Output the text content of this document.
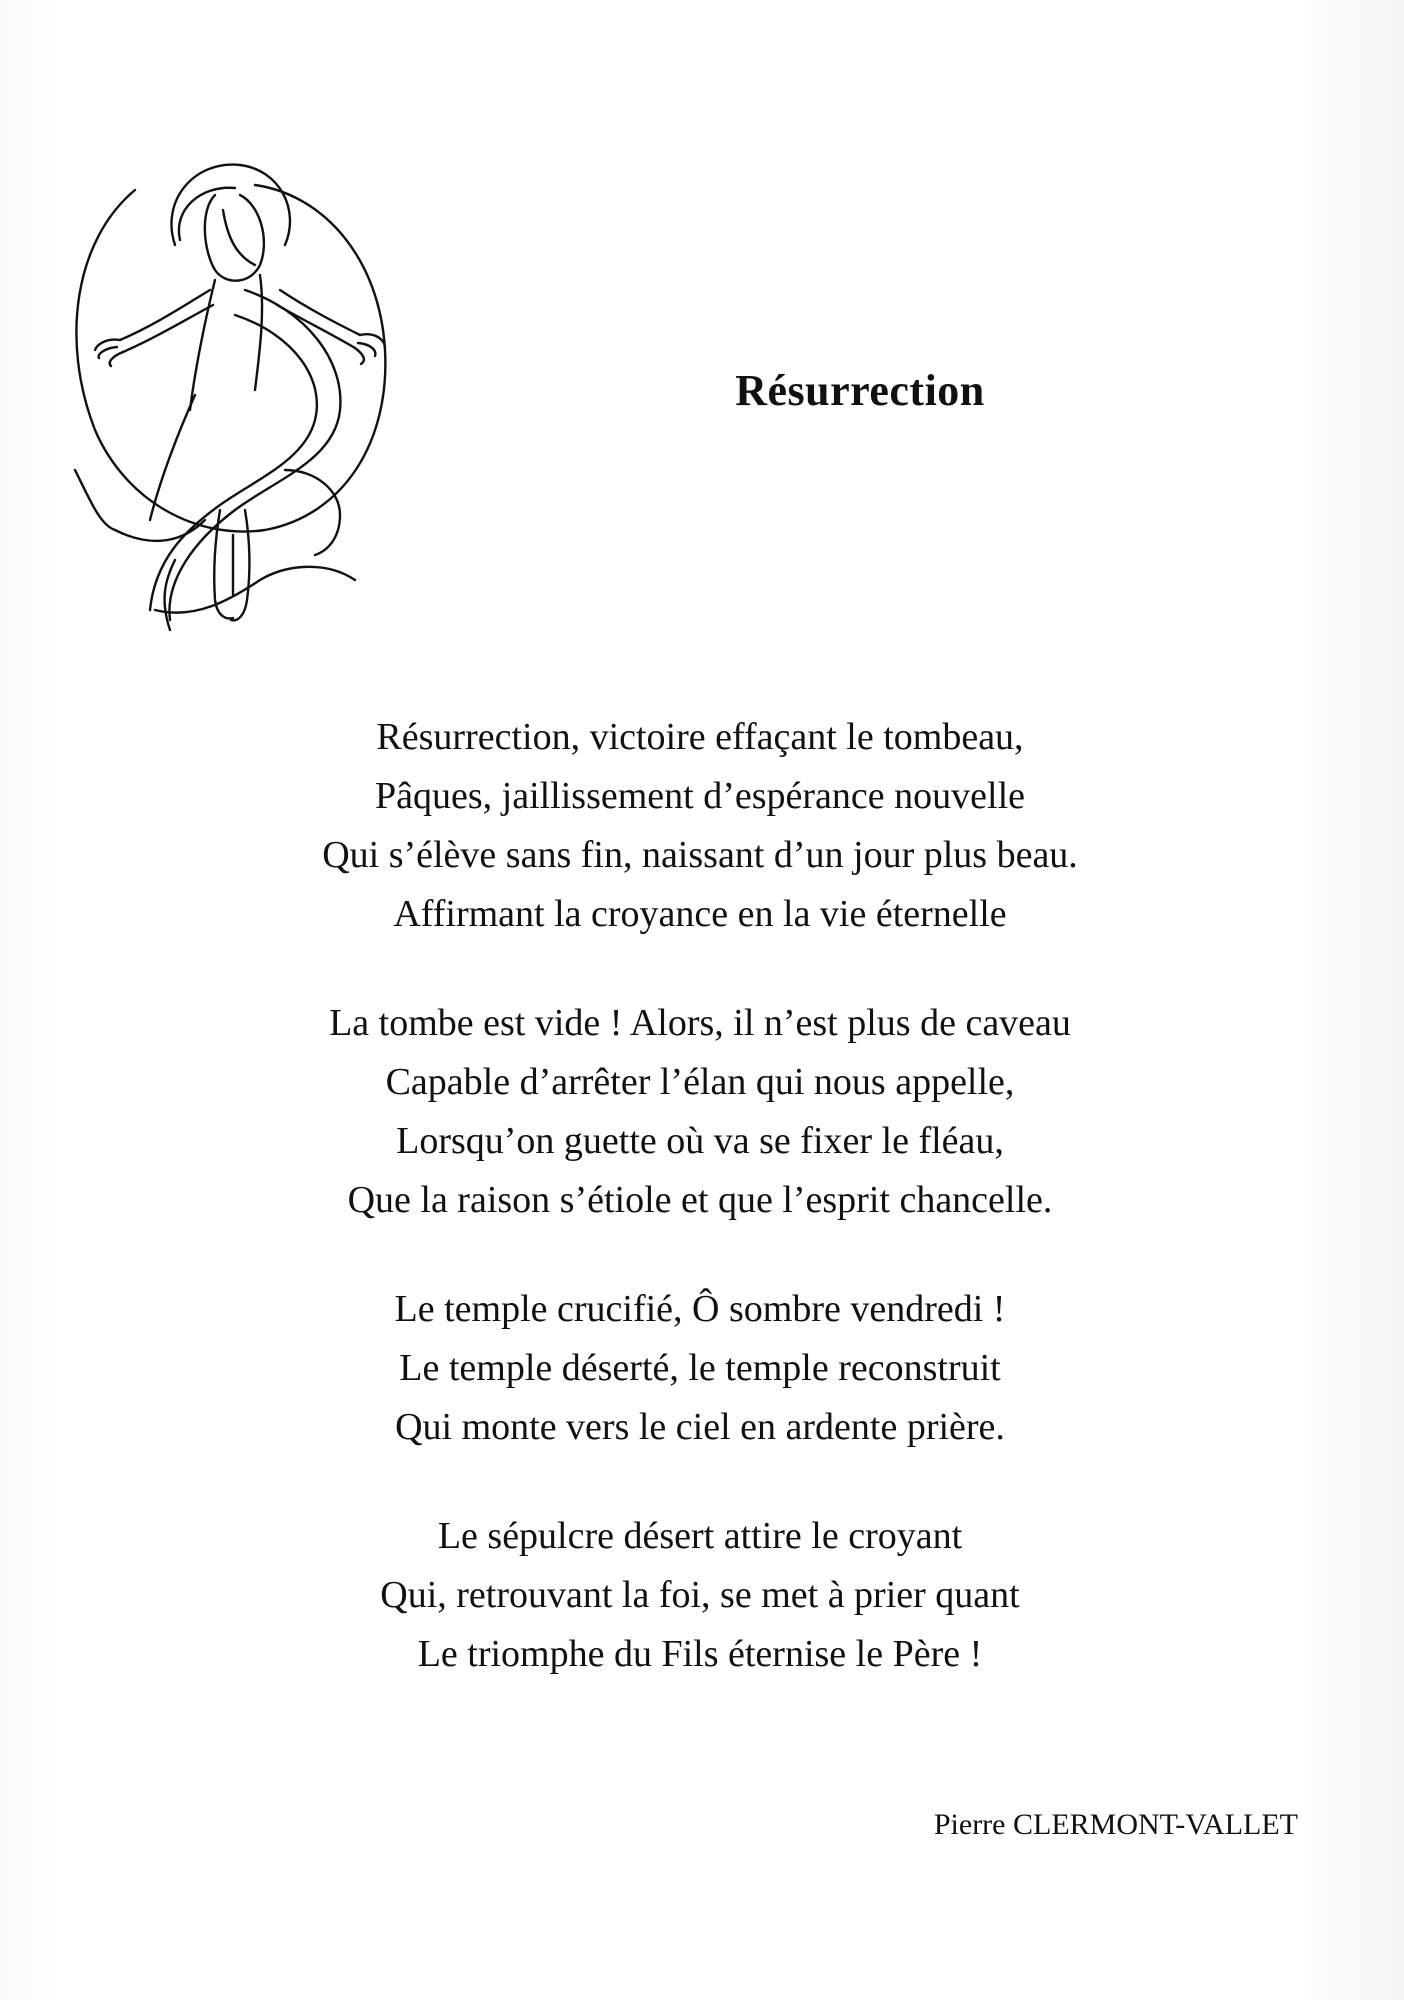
Résurrection
Résurrection, victoire effaçant le tombeau,
Pâques, jaillissement d’espérance nouvelle
Qui s’élève sans fin, naissant d’un jour plus beau.
Affirmant la croyance en la vie éternelle
La tombe est vide ! Alors, il n’est plus de caveau
Capable d’arrêter l’élan qui nous appelle,
Lorsqu’on guette où va se fixer le fléau,
Que la raison s’étiole et que l’esprit chancelle.
Le temple crucifié, Ô sombre vendredi !
Le temple déserté, le temple reconstruit
Qui monte vers le ciel en ardente prière.
Le sépulcre désert attire le croyant
Qui, retrouvant la foi, se met à prier quant
Le triomphe du Fils éternise le Père !
Pierre CLERMONT-VALLET
